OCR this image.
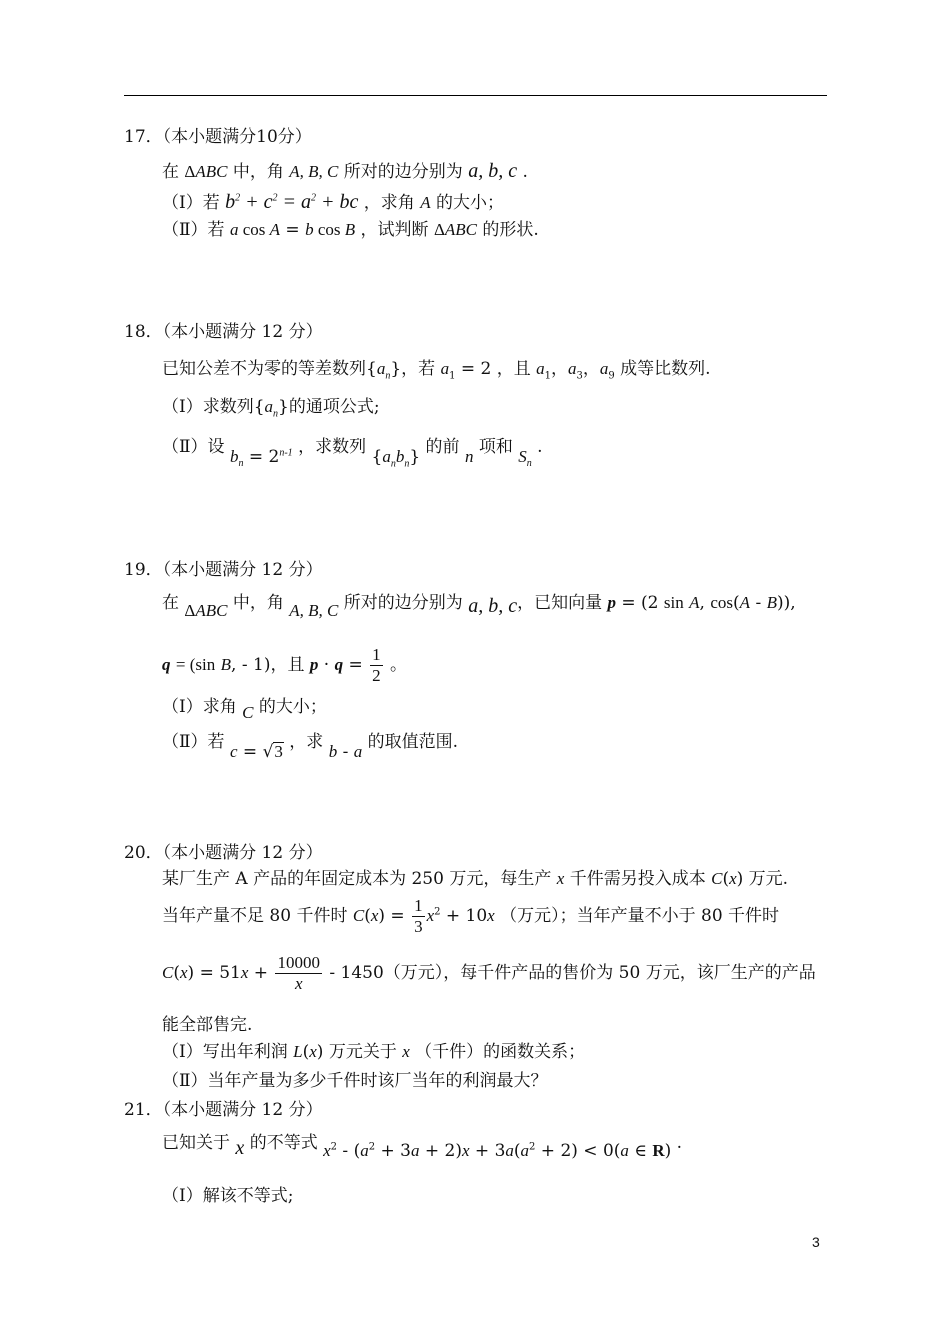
17．（本小题满分10分）
在 ΔABC 中，角 A, B, C 所对的边分别为 a, b, c .
（Ⅰ）若 $b^2 + c^2 = a^2$ + bc ，求角 A 的大小；
（Ⅱ）若 a cos A = b cos B ，试判断 ΔABC 的形状.
18．（本小题满分 12 分）
已知公差不为零的等差数列$\{a_n\}$，若 $a_1 = 2$ ，且 $a_1$，$a_3$，$a_9$ 成等比数列.
（Ⅰ）求数列$\{a_n\}$的通项公式;
（Ⅱ）设 $b_n = 2^{n-1}$ ，求数列 $\{a_nb_n\}$ 的前 n 项和 $S_n$ .
19．（本小题满分 12 分）
在 ΔABC 中，角 A, B, C 所对的边分别为 a, b, c，已知向量 p = (2 sin A, cos(A - B)),
q = (sin B, - 1)，且 $p \cdot q = \frac{1}{2}$ 。
（Ⅰ）求角 C 的大小；
（Ⅱ）若 c = √3 ，求 b - a 的取值范围.
20．（本小题满分 12 分）
某厂生产 A 产品的年固定成本为 250 万元，每生产 x 千件需另投入成本 C(x) 万元.
当年产量不足 80 千件时 $C(x) = \frac{1}{3} x^2 + 10x$ （万元）；当年产量不小于 80 千件时
$C(x) = 51x + \frac{10000}{x} - 1450$（万元），每千件产品的售价为 50 万元，该厂生产的产品
能全部售完.
（Ⅰ）写出年利润 L(x) 万元关于 x （千件）的函数关系；
（Ⅱ）当年产量为多少千件时该厂当年的利润最大？
21．（本小题满分 12 分）
已知关于 x 的不等式 $x^2 - (a^2 + 3a + 2)x + 3a(a^2 + 2) < 0(a$ ∈ R) .
（Ⅰ）解该不等式;
3
